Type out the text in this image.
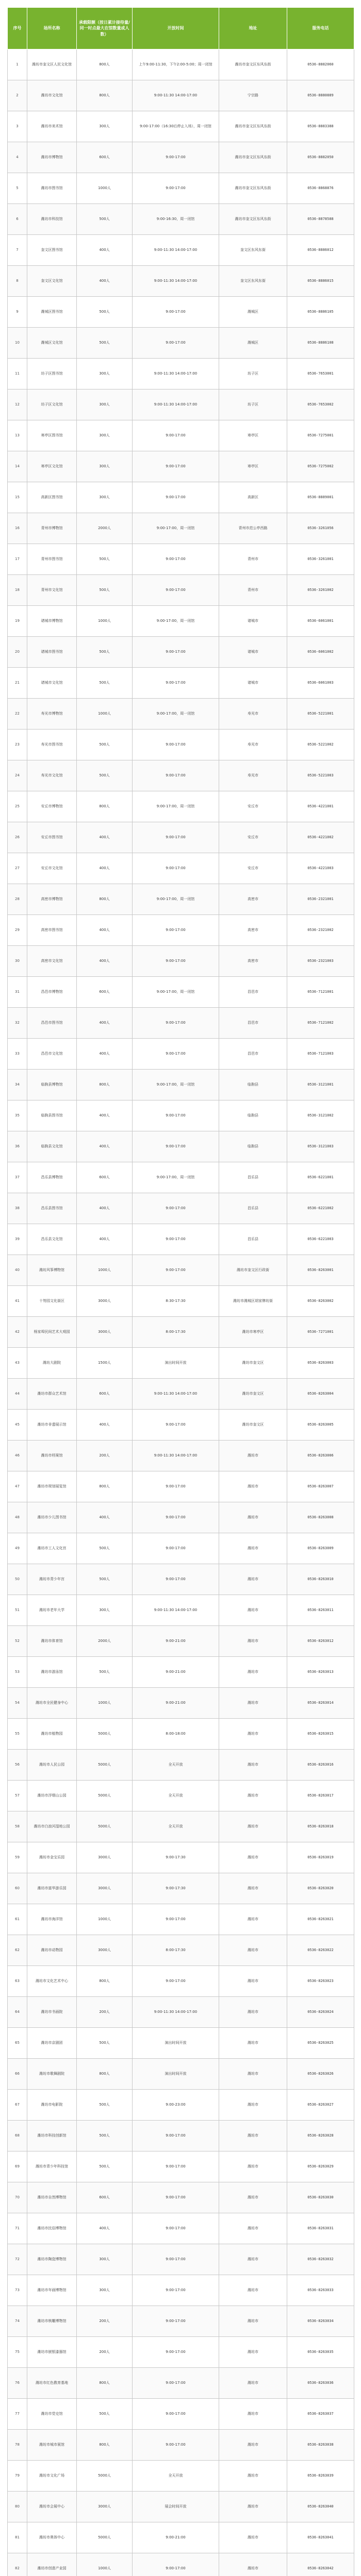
序号	场所名称	承载限额（按日累计接待量/同一时点最大在馆数量或人数）	开放时间	地址	服务电话
1	潍坊市奎文区人民文化馆	800人	上午9:00-11:30，下午2:00-5:00；周一闭馆	潍坊市奎文区东风东街	0536-8882060
2	潍坊市文化馆	800人	9:00-11:30 14:00-17:00	宁宗路	0536-8880889
3	潍坊市美术馆	300人	9:00-17:00（16:30后停止入场），周一闭馆	潍坊市奎文区东风东街	0536-8883388
4	潍坊市博物馆	600人	9:00-17:00	潍坊市奎文区东风东街	0536-8882050
5	潍坊市图书馆	1000人	9:00-17:00	潍坊市奎文区东风东街	0536-8868876
6	潍坊市科技馆	500人	9:00-16:30，周一闭馆	潍坊市奎文区东风东街	0536-8878588
7	奎文区图书馆	400人	9:00-11:30 14:00-17:00	奎文区东风东街	0536-8886012
8	奎文区文化馆	400人	9:00-11:30 14:00-17:00	奎文区东风东街	0536-8886015
9	潍城区图书馆	500人	9:00-17:00	潍城区	0536-8886105
10	潍城区文化馆	500人	9:00-17:00	潍城区	0536-8886108
11	坊子区图书馆	300人	9:00-11:30 14:00-17:00	坊子区	0536-7653001
12	坊子区文化馆	300人	9:00-11:30 14:00-17:00	坊子区	0536-7653002
13	寒亭区图书馆	300人	9:00-17:00	寒亭区	0536-7275001
14	寒亭区文化馆	300人	9:00-17:00	寒亭区	0536-7275002
15	高新区图书馆	300人	9:00-17:00	高新区	0536-8889001
16	青州市博物馆	2000人	9:00-17:00，周一闭馆	青州市范公亭西路	0536-3261056
17	青州市图书馆	500人	9:00-17:00	青州市	0536-3261001
18	青州市文化馆	500人	9:00-17:00	青州市	0536-3261002
19	诸城市博物馆	1000人	9:00-17:00，周一闭馆	诸城市	0536-6061001
20	诸城市图书馆	500人	9:00-17:00	诸城市	0536-6061002
21	诸城市文化馆	500人	9:00-17:00	诸城市	0536-6061003
22	寿光市博物馆	1000人	9:00-17:00，周一闭馆	寿光市	0536-5221001
23	寿光市图书馆	500人	9:00-17:00	寿光市	0536-5221002
24	寿光市文化馆	500人	9:00-17:00	寿光市	0536-5221003
25	安丘市博物馆	800人	9:00-17:00，周一闭馆	安丘市	0536-4221001
26	安丘市图书馆	400人	9:00-17:00	安丘市	0536-4221002
27	安丘市文化馆	400人	9:00-17:00	安丘市	0536-4221003
28	高密市博物馆	800人	9:00-17:00，周一闭馆	高密市	0536-2321001
29	高密市图书馆	400人	9:00-17:00	高密市	0536-2321002
30	高密市文化馆	400人	9:00-17:00	高密市	0536-2321003
31	昌邑市博物馆	600人	9:00-17:00，周一闭馆	昌邑市	0536-7121001
32	昌邑市图书馆	400人	9:00-17:00	昌邑市	0536-7121002
33	昌邑市文化馆	400人	9:00-17:00	昌邑市	0536-7121003
34	临朐县博物馆	800人	9:00-17:00，周一闭馆	临朐县	0536-3121001
35	临朐县图书馆	400人	9:00-17:00	临朐县	0536-3121002
36	临朐县文化馆	400人	9:00-17:00	临朐县	0536-3121003
37	昌乐县博物馆	600人	9:00-17:00，周一闭馆	昌乐县	0536-6221001
38	昌乐县图书馆	400人	9:00-17:00	昌乐县	0536-6221002
39	昌乐县文化馆	400人	9:00-17:00	昌乐县	0536-6221003
40	潍坊风筝博物馆	1000人	9:00-17:00	潍坊市奎文区行政街	0536-8263001
41	十笏园文化街区	3000人	8:30-17:30	潍坊市潍城区胡家牌坊街	0536-8263002
42	杨家埠民间艺术大观园	3000人	8:00-17:30	潍坊市寒亭区	0536-7271001
43	潍坊大剧院	1500人	演出时间开放	潍坊市奎文区	0536-8263003
44	潍坊市群众艺术馆	600人	9:00-11:30 14:00-17:00	潍坊市奎文区	0536-8263004
45	潍坊市非遗展示馆	400人	9:00-17:00	潍坊市奎文区	0536-8263005
46	潍坊市档案馆	200人	9:00-11:30 14:00-17:00	潍坊市	0536-8263006
47	潍坊市规划展览馆	800人	9:00-17:00	潍坊市	0536-8263007
48	潍坊市少儿图书馆	400人	9:00-17:00	潍坊市	0536-8263008
49	潍坊市工人文化宫	500人	9:00-17:00	潍坊市	0536-8263009
50	潍坊市青少年宫	500人	9:00-17:00	潍坊市	0536-8263010
51	潍坊市老年大学	300人	9:00-11:30 14:00-17:00	潍坊市	0536-8263011
52	潍坊市体育馆	2000人	9:00-21:00	潍坊市	0536-8263012
53	潍坊市游泳馆	500人	9:00-21:00	潍坊市	0536-8263013
54	潍坊市全民健身中心	1000人	9:00-21:00	潍坊市	0536-8263014
55	潍坊市植物园	5000人	8:00-18:00	潍坊市	0536-8263015
56	潍坊市人民公园	5000人	全天开放	潍坊市	0536-8263016
57	潍坊市浮烟山公园	5000人	全天开放	潍坊市	0536-8263017
58	潍坊市白浪河湿地公园	5000人	全天开放	潍坊市	0536-8263018
59	潍坊市金宝乐园	3000人	9:00-17:30	潍坊市	0536-8263019
60	潍坊市富华游乐园	3000人	9:00-17:30	潍坊市	0536-8263020
61	潍坊市海洋馆	1000人	9:00-17:00	潍坊市	0536-8263021
62	潍坊市动物园	3000人	8:00-17:30	潍坊市	0536-8263022
63	潍坊市文化艺术中心	800人	9:00-17:00	潍坊市	0536-8263023
64	潍坊市书画院	200人	9:00-11:30 14:00-17:00	潍坊市	0536-8263024
65	潍坊市京剧团	500人	演出时间开放	潍坊市	0536-8263025
66	潍坊市歌舞剧院	800人	演出时间开放	潍坊市	0536-8263026
67	潍坊市电影院	500人	9:00-23:00	潍坊市	0536-8263027
68	潍坊市科技创新馆	500人	9:00-17:00	潍坊市	0536-8263028
69	潍坊市青少年科技馆	500人	9:00-17:00	潍坊市	0536-8263029
70	潍坊市自然博物馆	600人	9:00-17:00	潍坊市	0536-8263030
71	潍坊市民俗博物馆	400人	9:00-17:00	潍坊市	0536-8263031
72	潍坊市陶瓷博物馆	300人	9:00-17:00	潍坊市	0536-8263032
73	潍坊市年画博物馆	300人	9:00-17:00	潍坊市	0536-8263033
74	潍坊市核雕博物馆	200人	9:00-17:00	潍坊市	0536-8263034
75	潍坊市嵌银漆器馆	200人	9:00-17:00	潍坊市	0536-8263035
76	潍坊市红色教育基地	800人	9:00-17:00	潍坊市	0536-8263036
77	潍坊市党史馆	500人	9:00-17:00	潍坊市	0536-8263037
78	潍坊市城市展馆	800人	9:00-17:00	潍坊市	0536-8263038
79	潍坊市文化广场	5000人	全天开放	潍坊市	0536-8263039
80	潍坊市会展中心	3000人	展会时间开放	潍坊市	0536-8263040
81	潍坊市奥体中心	5000人	9:00-21:00	潍坊市	0536-8263041
82	潍坊市创意产业园	1000人	9:00-17:00	潍坊市	0536-8263042
